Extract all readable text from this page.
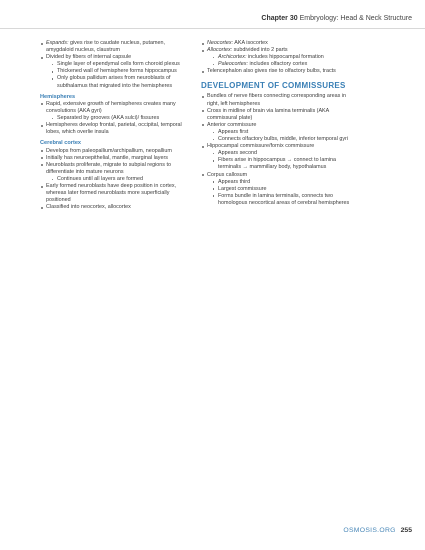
Chapter 30 Embryology: Head & Neck Structure
Expands: gives rise to caudate nucleus, putamen, amygdaloid nucleus, claustrum
Divided by fibers of internal capsule
Single layer of ependymal cells form choroid plexus
Thickened wall of hemisphere forms hippocampus
Only globus pallidum arises from neuroblasts of subthalamus that migrated into the hemispheres
Hemispheres
Rapid, extensive growth of hemispheres creates many convolutions (AKA gyri)
Separated by grooves (AKA sulci)/ fissures
Hemispheres develop frontal, parietal, occipital, temporal lobes, which overlie insula
Cerebral cortex
Develops from paleopallium/archipallium, neopallium
Initially has neuroepithelial, mantle, marginal layers
Neuroblasts proliferate, migrate to subpial regions to differentiate into mature neurons
Continues until all layers are formed
Early formed neuroblasts have deep position in cortex, whereas later formed neuroblasts more superficially positioned
Classified into neocortex, allocortex
Neocortex: AKA isocortex
Allocortex: subdivided into 2 parts
Archicortex: includes hippocampal formation
Paleocortex: includes olfactory cortex
Telencephalon also gives rise to olfactory bulbs, tracts
DEVELOPMENT OF COMMISSURES
Bundles of nerve fibers connecting corresponding areas in right, left hemispheres
Cross in midline of brain via lamina terminalis (AKA commissural plate)
Anterior commissure
Appears first
Connects olfactory bulbs, middle, inferior temporal gyri
Hippocampal commissure/fornix commissure
Appears second
Fibers arise in hippocampus → connect to lamina terminalis → mammillary body, hypothalamus
Corpus callosum
Appears third
Largest commissure
Forms bundle in lamina terminalis, connects two homologous neocortical areas of cerebral hemispheres
OSMOSIS.ORG 255
